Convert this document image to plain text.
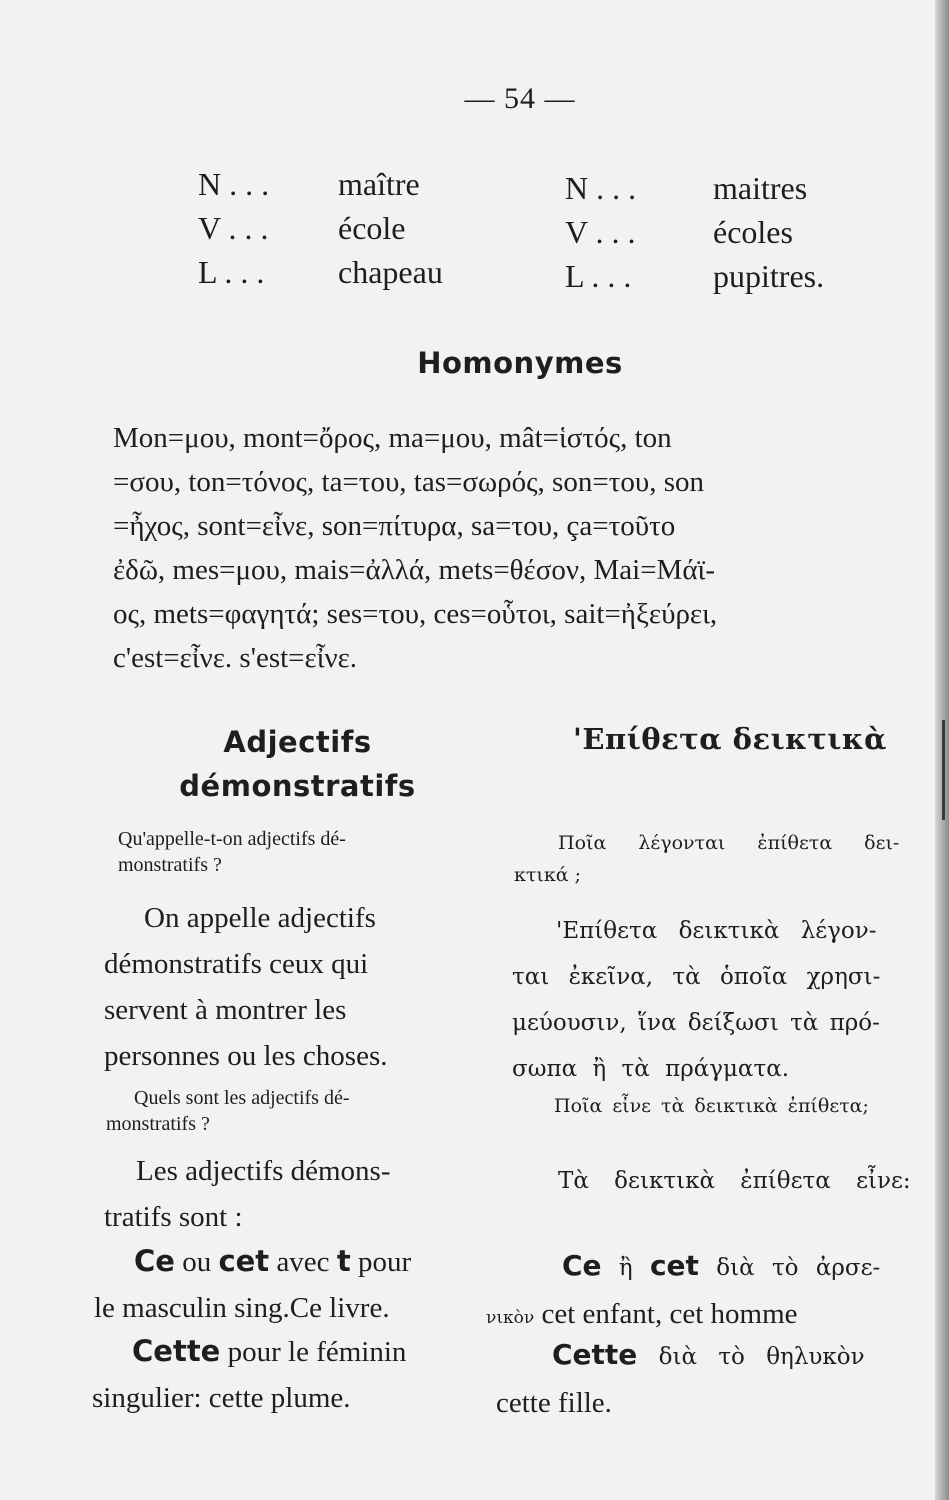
— 54 —
N . . .	maître
V . . .	école
L . . .	chapeau
N . . .	maitres
V . . .	écoles
L . . .	pupitres.
Homonymes
Mon=μου, mont=ὄρος, ma=μου, mât=ἱστός, ton
=σου, ton=τόνος, ta=του, tas=σωρός, son=του, son
=ἦχος, sont=εἶνε, son=πίτυρα, sa=του, ça=τοῦτο
ἐδῶ, mes=μου, mais=ἀλλά, mets=θέσον, Mai=Μάϊ-
ος, mets=φαγητά; ses=του, ces=οὗτοι, sait=ἠξεύρει,
c'est=εἶνε. s'est=εἶνε.
Adjectifs
démonstratifs
'Επίθετα δεικτικὰ
Qu'appelle-t-on adjectifs dé-
monstratifs ?
On appelle adjectifs
démonstratifs ceux qui
servent à montrer les
personnes ou les choses.
Quels sont les adjectifs dé-
monstratifs ?
Les adjectifs démons-
tratifs sont :
Ce ou cet avec t pour
le masculin sing.Ce livre.
Cette pour le féminin
singulier: cette plume.
Ποῖα λέγονται ἐπίθετα δει-
κτικά ;
'Επίθετα δεικτικὰ λέγον-
ται ἐκεῖνα, τὰ ὁποῖα χρησι-
μεύουσιν, ἵνα δείξωσι τὰ πρό-
σωπα ἢ τὰ πράγματα.
Ποῖα εἶνε τὰ δεικτικὰ ἐπίθετα;
Τὰ δεικτικὰ ἐπίθετα εἶνε:
Ce ἢ cet διὰ τὸ ἀρσε-
νικὸν cet enfant, cet homme
Cette διὰ τὸ θηλυκὸν
cette fille.
